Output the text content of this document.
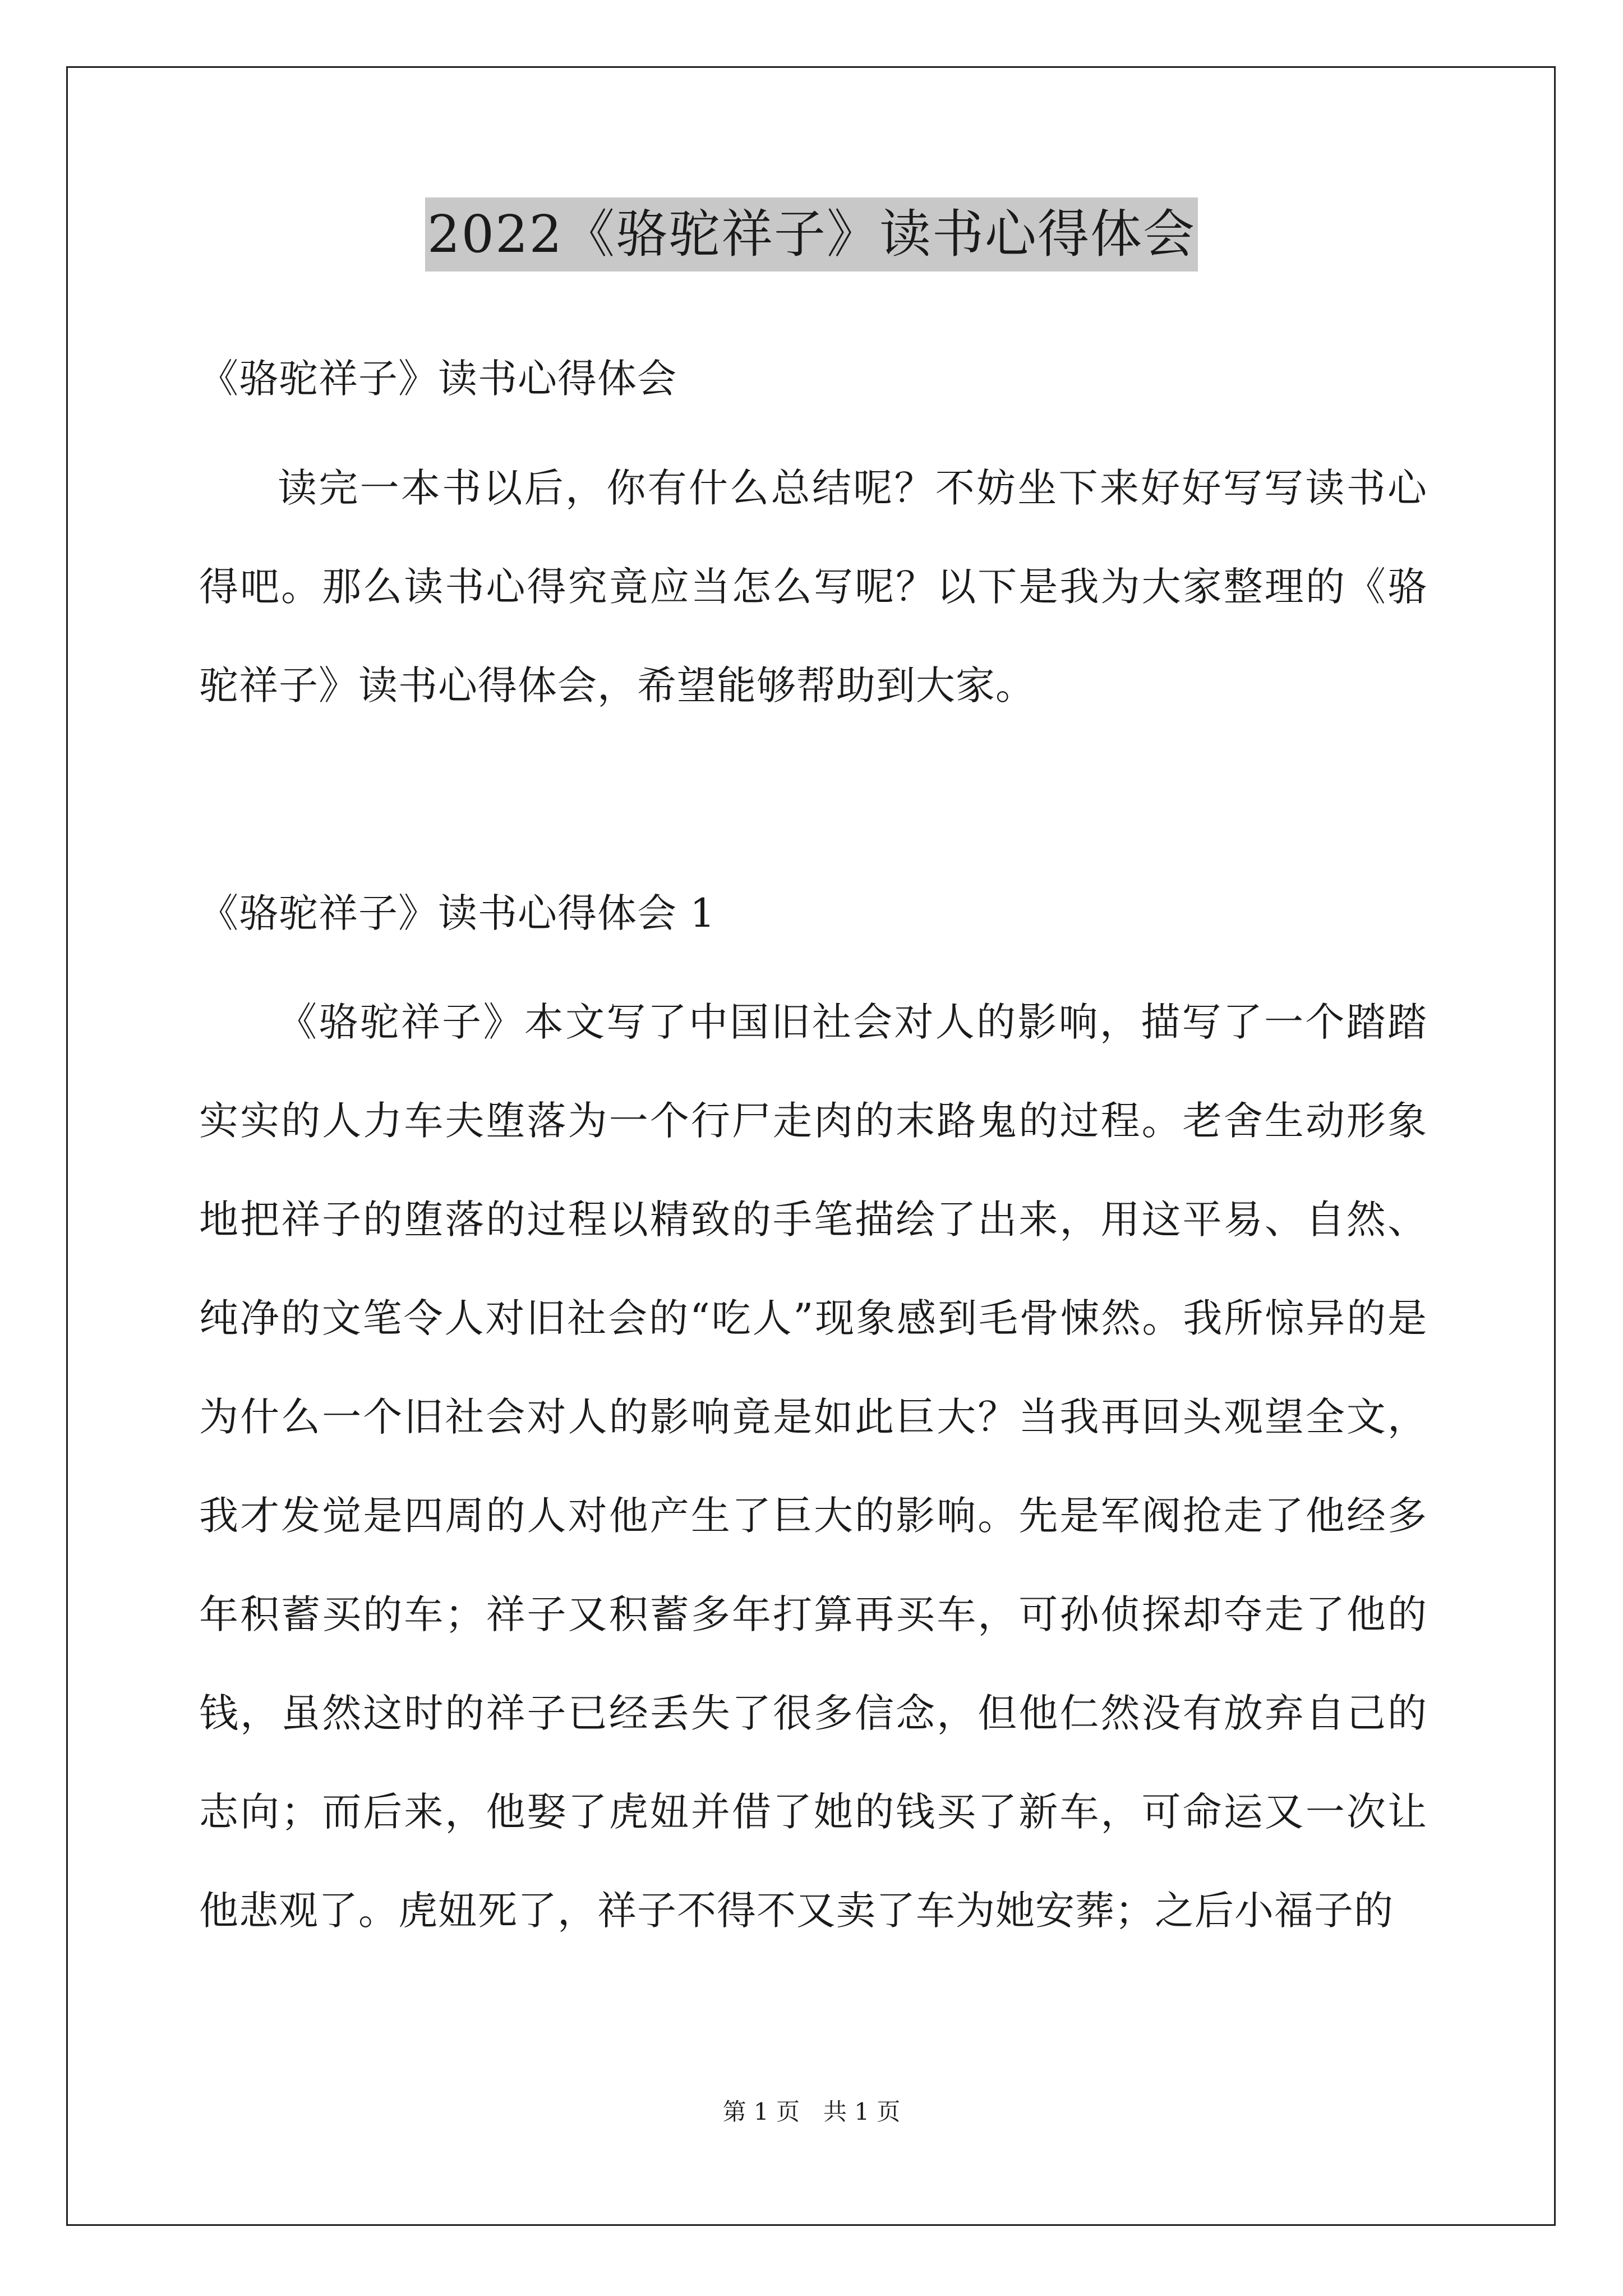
2022《骆驼祥子》读书心得体会
《骆驼祥子》读书心得体会
读完一本书以后，你有什么总结呢？不妨坐下来好好写写读书心得吧。那么读书心得究竟应当怎么写呢？以下是我为大家整理的《骆驼祥子》读书心得体会，希望能够帮助到大家。
《骆驼祥子》读书心得体会 1
《骆驼祥子》本文写了中国旧社会对人的影响，描写了一个踏踏实实的人力车夫堕落为一个行尸走肉的末路鬼的过程。老舍生动形象地把祥子的堕落的过程以精致的手笔描绘了出来，用这平易、自然、纯净的文笔令人对旧社会的“吃人”现象感到毛骨悚然。我所惊异的是为什么一个旧社会对人的影响竟是如此巨大？当我再回头观望全文，我才发觉是四周的人对他产生了巨大的影响。先是军阀抢走了他经多年积蓄买的车；祥子又积蓄多年打算再买车，可孙侦探却夺走了他的钱，虽然这时的祥子已经丢失了很多信念，但他仁然没有放弃自己的志向；而后来，他娶了虎妞并借了她的钱买了新车，可命运又一次让他悲观了。虎妞死了，祥子不得不又卖了车为她安葬；之后小福子的
第 1 页　共 1 页
